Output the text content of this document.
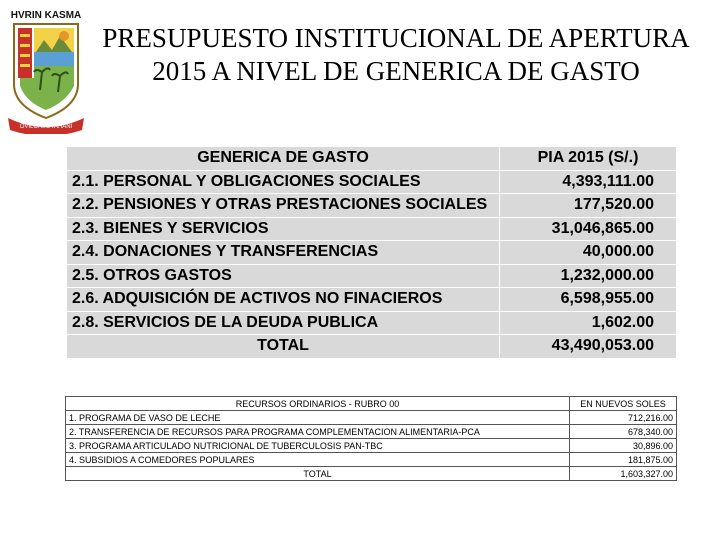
HVRIN KASMA
OVILCASOYAHANI
PRESUPUESTO INSTITUCIONAL DE APERTURA 2015 A NIVEL DE GENERICA DE GASTO
GENERICA DE GASTO	PIA 2015 (S/.)
2.1. PERSONAL Y OBLIGACIONES SOCIALES	4,393,111.00
2.2. PENSIONES Y OTRAS PRESTACIONES SOCIALES	177,520.00
2.3. BIENES Y SERVICIOS	31,046,865.00
2.4. DONACIONES Y TRANSFERENCIAS	40,000.00
2.5. OTROS GASTOS	1,232,000.00
2.6. ADQUISICIÓN DE ACTIVOS NO FINACIEROS	6,598,955.00
2.8. SERVICIOS DE LA DEUDA PUBLICA	1,602.00
TOTAL	43,490,053.00
RECURSOS ORDINARIOS - RUBRO 00	EN NUEVOS SOLES
1. PROGRAMA DE VASO DE LECHE	712,216.00
2. TRANSFERENCIA DE RECURSOS PARA PROGRAMA COMPLEMENTACION ALIMENTARIA-PCA	678,340.00
3. PROGRAMA ARTICULADO NUTRICIONAL DE TUBERCULOSIS PAN-TBC	30,896.00
4. SUBSIDIOS A COMEDORES POPULARES	181,875.00
TOTAL	1,603,327.00
